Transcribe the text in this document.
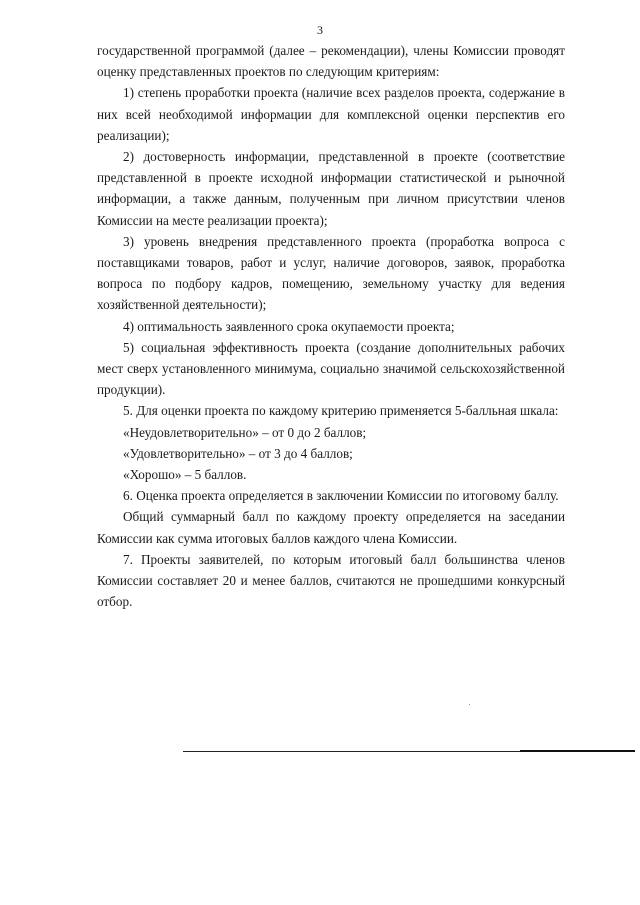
3

государственной программой (далее – рекомендации), члены Комиссии проводят оценку представленных проектов по следующим критериям:

1) степень проработки проекта (наличие всех разделов проекта, содержание в них всей необходимой информации для комплексной оценки перспектив его реализации);

2) достоверность информации, представленной в проекте (соответствие представленной в проекте исходной информации статистической и рыночной информации, а также данным, полученным при личном присутствии членов Комиссии на месте реализации проекта);

3) уровень внедрения представленного проекта (проработка вопроса с поставщиками товаров, работ и услуг, наличие договоров, заявок, проработка вопроса по подбору кадров, помещению, земельному участку для ведения хозяйственной деятельности);

4) оптимальность заявленного срока окупаемости проекта;

5) социальная эффективность проекта (создание дополнительных рабочих мест сверх установленного минимума, социально значимой сельскохозяйственной продукции).

5. Для оценки проекта по каждому критерию применяется 5-балльная шкала:

«Неудовлетворительно» – от 0 до 2 баллов;

«Удовлетворительно» – от 3 до 4 баллов;

«Хорошо» – 5 баллов.

6. Оценка проекта определяется в заключении Комиссии по итоговому баллу.

Общий суммарный балл по каждому проекту определяется на заседании Комиссии как сумма итоговых баллов каждого члена Комиссии.

7. Проекты заявителей, по которым итоговый балл большинства членов Комиссии составляет 20 и менее баллов, считаются не прошедшими конкурсный отбор.
